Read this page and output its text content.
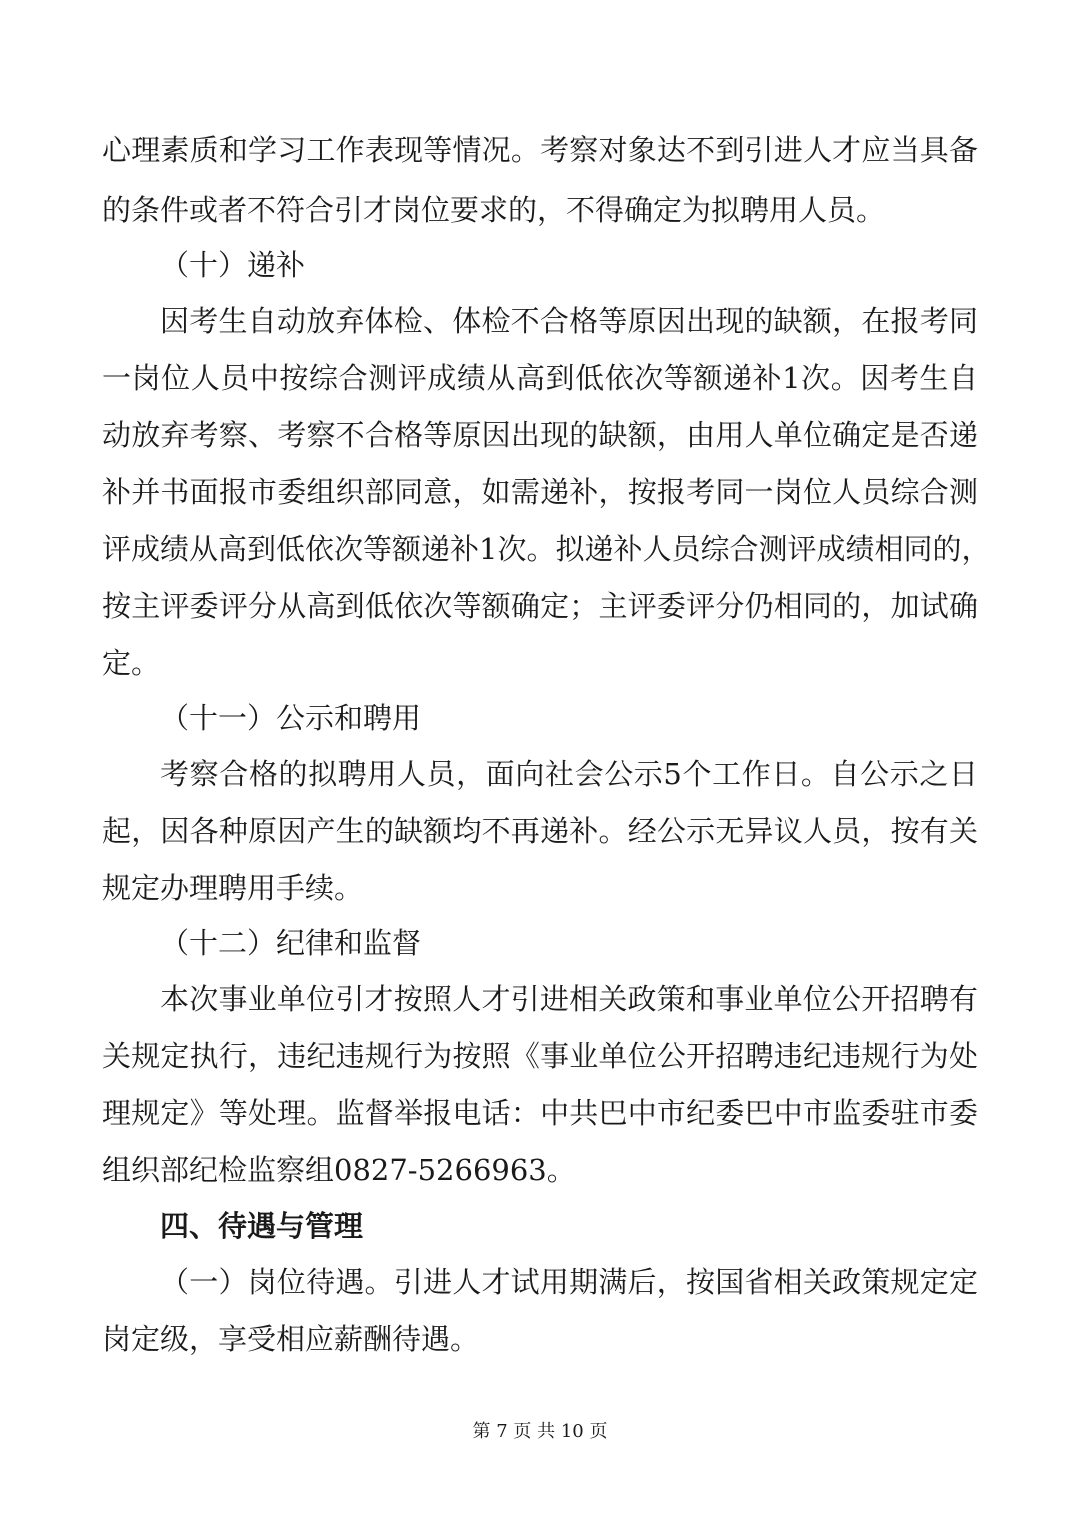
心理素质和学习工作表现等情况。考察对象达不到引进人才应当具备
的条件或者不符合引才岗位要求的，不得确定为拟聘用人员。
（十）递补
因考生自动放弃体检、体检不合格等原因出现的缺额，在报考同
一岗位人员中按综合测评成绩从高到低依次等额递补1次。因考生自
动放弃考察、考察不合格等原因出现的缺额，由用人单位确定是否递
补并书面报市委组织部同意，如需递补，按报考同一岗位人员综合测
评成绩从高到低依次等额递补1次。拟递补人员综合测评成绩相同的，
按主评委评分从高到低依次等额确定；主评委评分仍相同的，加试确
定。
（十一）公示和聘用
考察合格的拟聘用人员，面向社会公示5个工作日。自公示之日
起，因各种原因产生的缺额均不再递补。经公示无异议人员，按有关
规定办理聘用手续。
（十二）纪律和监督
本次事业单位引才按照人才引进相关政策和事业单位公开招聘有
关规定执行，违纪违规行为按照《事业单位公开招聘违纪违规行为处
理规定》等处理。监督举报电话：中共巴中市纪委巴中市监委驻市委
组织部纪检监察组0827-5266963。
四、待遇与管理
（一）岗位待遇。引进人才试用期满后，按国省相关政策规定定
岗定级，享受相应薪酬待遇。
第 7 页 共 10 页
